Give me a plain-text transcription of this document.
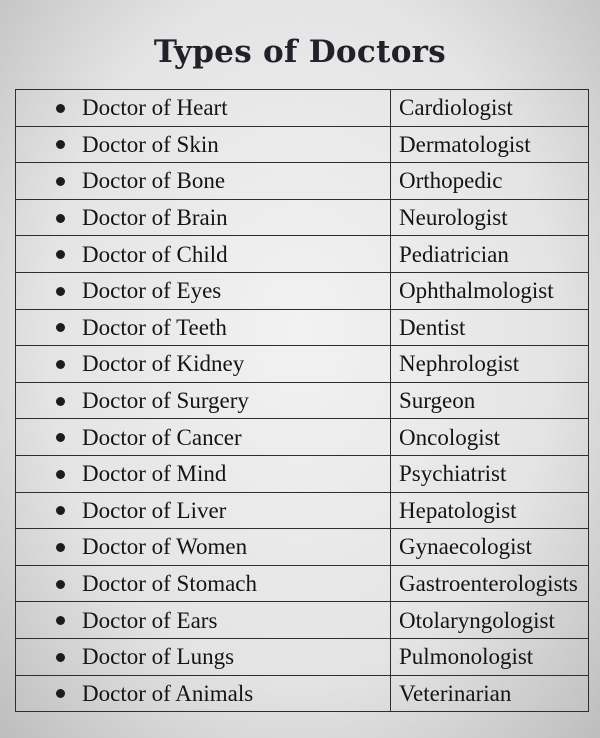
Types of Doctors
Doctor of Heart	Cardiologist

Doctor of Skin	Dermatologist

Doctor of Bone	Orthopedic

Doctor of Brain	Neurologist

Doctor of Child	Pediatrician

Doctor of Eyes	Ophthalmologist

Doctor of Teeth	Dentist

Doctor of Kidney	Nephrologist

Doctor of Surgery	Surgeon

Doctor of Cancer	Oncologist

Doctor of Mind	Psychiatrist

Doctor of Liver	Hepatologist

Doctor of Women	Gynaecologist

Doctor of Stomach	Gastroenterologists

Doctor of Ears	Otolaryngologist

Doctor of Lungs	Pulmonologist

Doctor of Animals	Veterinarian
